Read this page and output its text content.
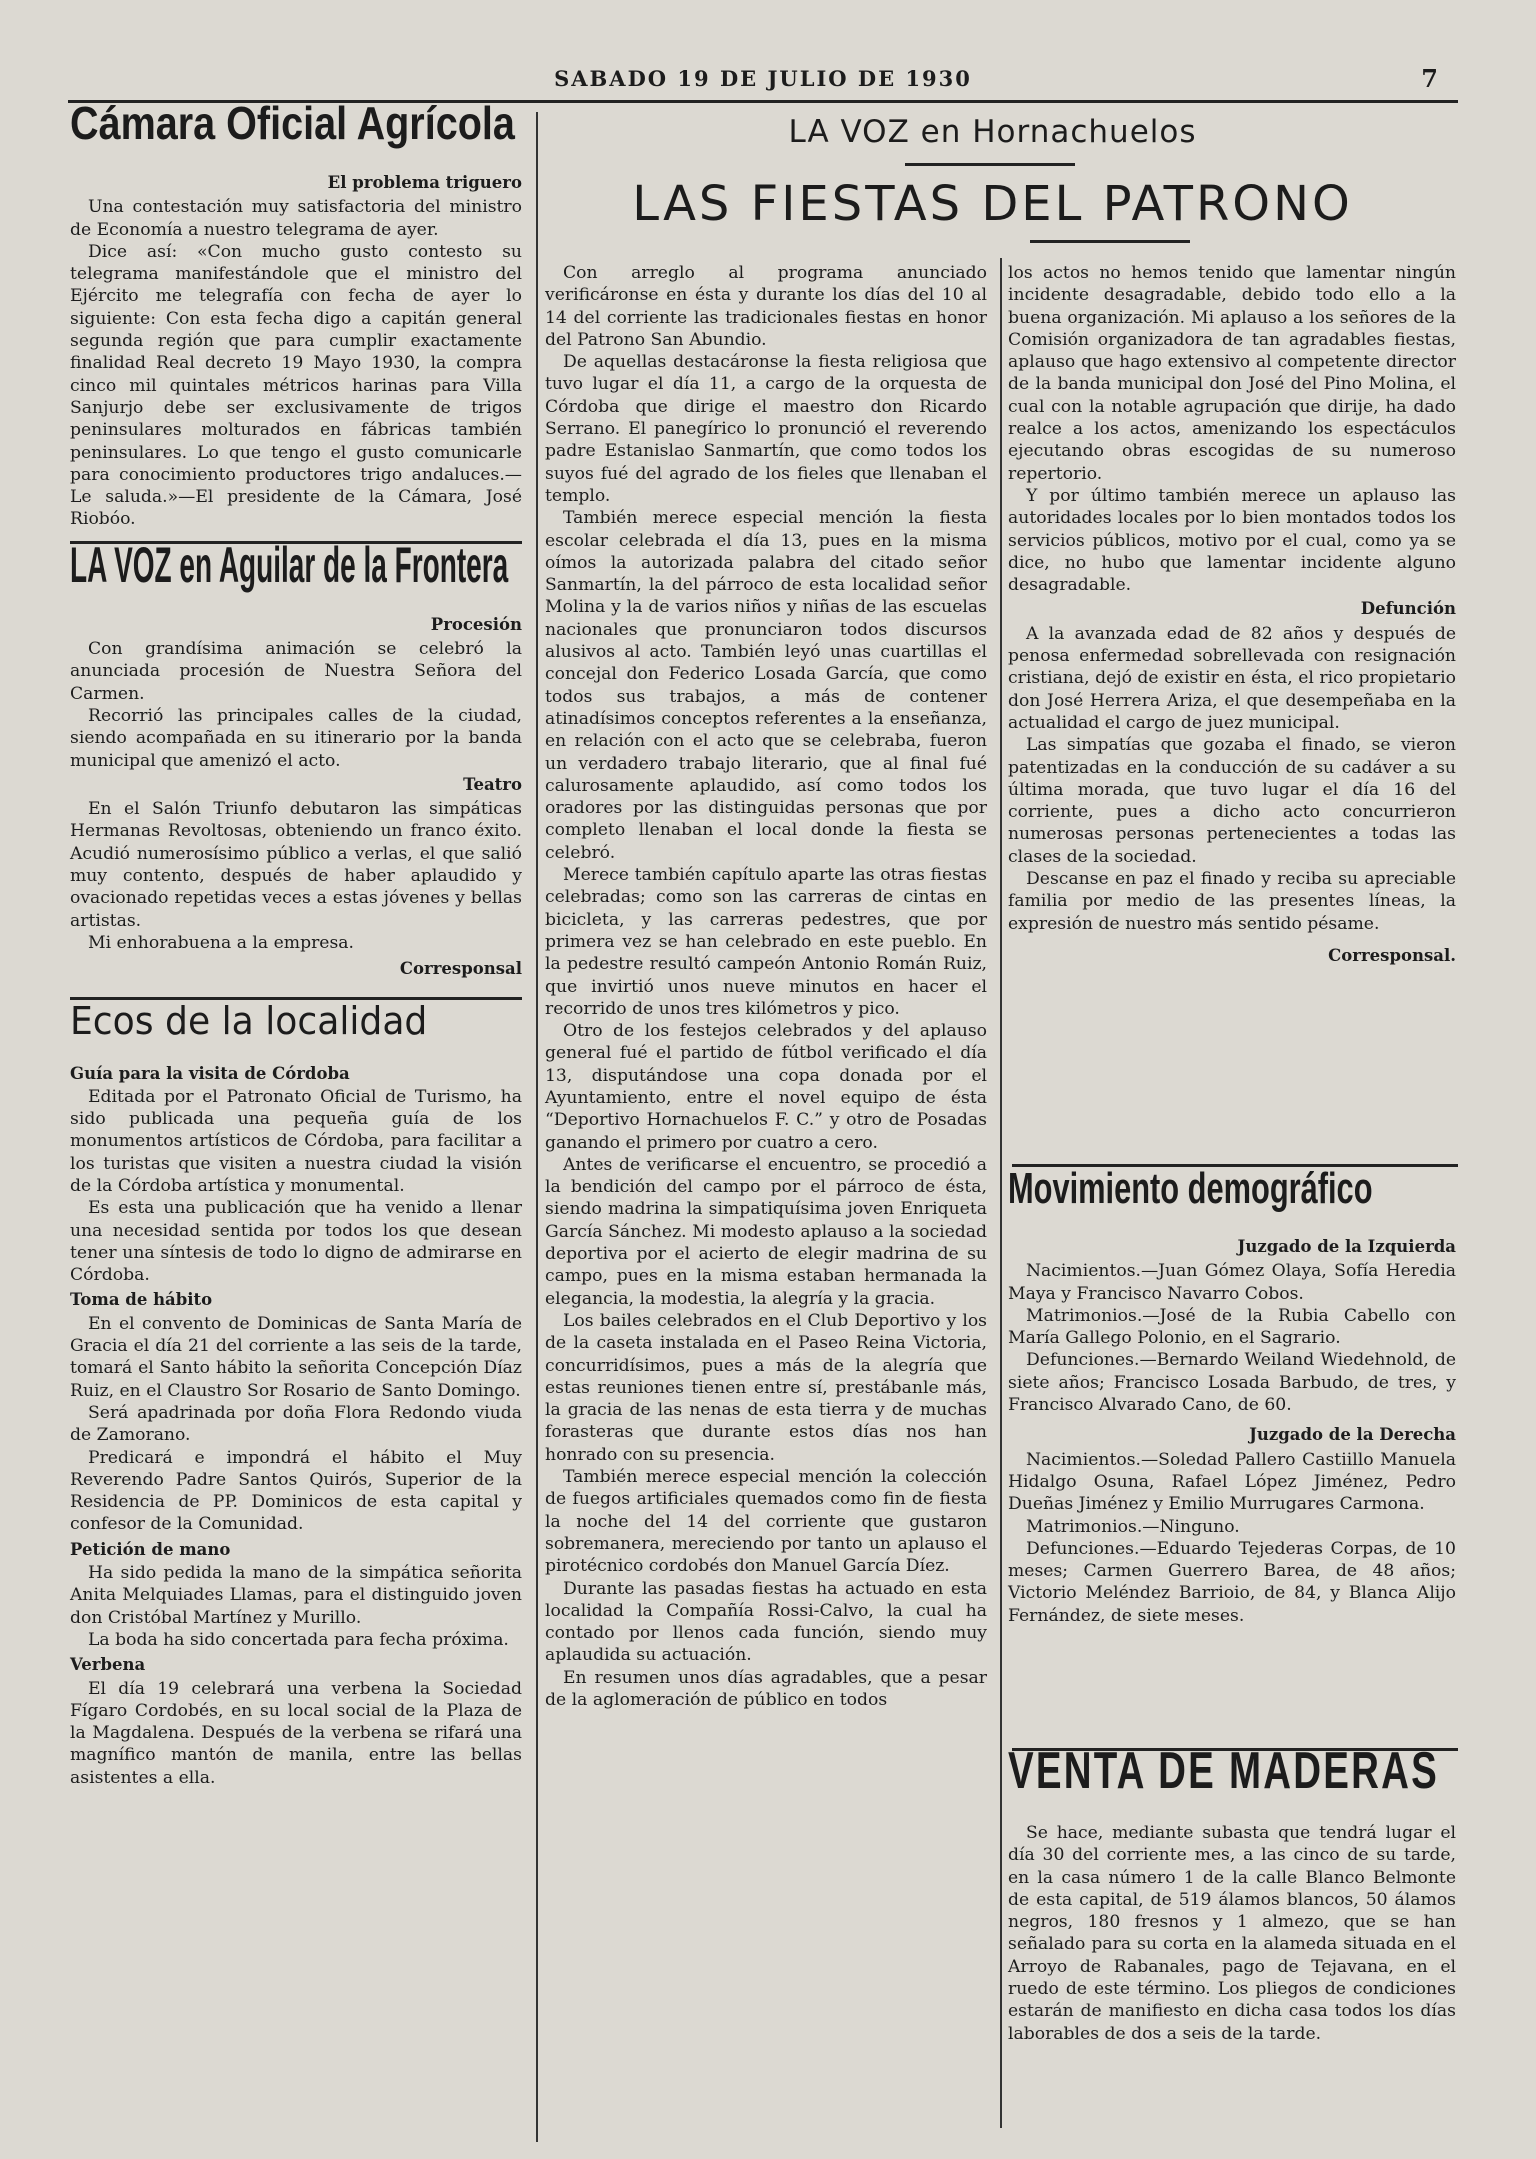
SABADO 19 DE JULIO DE 1930	7
Cámara Oficial Agrícola
El problema triguero

Una contestación muy satisfactoria del ministro de Economía a nuestro telegrama de ayer.

Dice así: «Con mucho gusto contesto su telegrama manifestándole que el ministro del Ejército me telegrafía con fecha de ayer lo siguiente: Con esta fecha digo a capitán general segunda región que para cumplir exactamente finalidad Real decreto 19 Mayo 1930, la compra cinco mil quintales métricos harinas para Villa Sanjurjo debe ser exclusivamente de trigos peninsulares molturados en fábricas también peninsulares. Lo que tengo el gusto comunicarle para conocimiento productores trigo andaluces.—Le saluda.»—El presidente de la Cámara, José Riobóo.

LA VOZ en Aguilar de la Frontera
Procesión

Con grandísima animación se celebró la anunciada procesión de Nuestra Señora del Carmen.

Recorrió las principales calles de la ciudad, siendo acompañada en su itinerario por la banda municipal que amenizó el acto.

Teatro

En el Salón Triunfo debutaron las simpáticas Hermanas Revoltosas, obteniendo un franco éxito. Acudió numerosísimo público a verlas, el que salió muy contento, después de haber aplaudido y ovacionado repetidas veces a estas jóvenes y bellas artistas.

Mi enhorabuena a la empresa.

Corresponsal
Ecos de la localidad
Guía para la visita de Córdoba

Editada por el Patronato Oficial de Turismo, ha sido publicada una pequeña guía de los monumentos artísticos de Córdoba, para facilitar a los turistas que visiten a nuestra ciudad la visión de la Córdoba artística y monumental.

Es esta una publicación que ha venido a llenar una necesidad sentida por todos los que desean tener una síntesis de todo lo digno de admirarse en Córdoba.

Toma de hábito

En el convento de Dominicas de Santa María de Gracia el día 21 del corriente a las seis de la tarde, tomará el Santo hábito la señorita Concepción Díaz Ruiz, en el Claustro Sor Rosario de Santo Domingo.

Será apadrinada por doña Flora Redondo viuda de Zamorano.

Predicará e impondrá el hábito el Muy Reverendo Padre Santos Quirós, Superior de la Residencia de PP. Dominicos de esta capital y confesor de la Comunidad.

Petición de mano

Ha sido pedida la mano de la simpática señorita Anita Melquiades Llamas, para el distinguido joven don Cristóbal Martínez y Murillo.

La boda ha sido concertada para fecha próxima.

Verbena

El día 19 celebrará una verbena la Sociedad Fígaro Cordobés, en su local social de la Plaza de la Magdalena. Después de la verbena se rifará una magnífico mantón de manila, entre las bellas asistentes a ella.

LA VOZ en Hornachuelos
LAS FIESTAS DEL PATRONO

Con arreglo al programa anunciado verificáronse en ésta y durante los días del 10 al 14 del corriente las tradicionales fiestas en honor del Patrono San Abundio.

De aquellas destacáronse la fiesta religiosa que tuvo lugar el día 11, a cargo de la orquesta de Córdoba que dirige el maestro don Ricardo Serrano. El panegírico lo pronunció el reverendo padre Estanislao Sanmartín, que como todos los suyos fué del agrado de los fieles que llenaban el templo.

También merece especial mención la fiesta escolar celebrada el día 13, pues en la misma oímos la autorizada palabra del citado señor Sanmartín, la del párroco de esta localidad señor Molina y la de varios niños y niñas de las escuelas nacionales que pronunciaron todos discursos alusivos al acto. También leyó unas cuartillas el concejal don Federico Losada García, que como todos sus trabajos, a más de contener atinadísimos conceptos referentes a la enseñanza, en relación con el acto que se celebraba, fueron un verdadero trabajo literario, que al final fué calurosamente aplaudido, así como todos los oradores por las distinguidas personas que por completo llenaban el local donde la fiesta se celebró.

Merece también capítulo aparte las otras fiestas celebradas; como son las carreras de cintas en bicicleta, y las carreras pedestres, que por primera vez se han celebrado en este pueblo. En la pedestre resultó campeón Antonio Román Ruiz, que invirtió unos nueve minutos en hacer el recorrido de unos tres kilómetros y pico.

Otro de los festejos celebrados y del aplauso general fué el partido de fútbol verificado el día 13, disputándose una copa donada por el Ayuntamiento, entre el novel equipo de ésta “Deportivo Hornachuelos F. C.” y otro de Posadas ganando el primero por cuatro a cero.

Antes de verificarse el encuentro, se procedió a la bendición del campo por el párroco de ésta, siendo madrina la simpatiquísima joven Enriqueta García Sánchez. Mi modesto aplauso a la sociedad deportiva por el acierto de elegir madrina de su campo, pues en la misma estaban hermanada la elegancia, la modestia, la alegría y la gracia.

Los bailes celebrados en el Club Deportivo y los de la caseta instalada en el Paseo Reina Victoria, concurridísimos, pues a más de la alegría que estas reuniones tienen entre sí, prestábanle más, la gracia de las nenas de esta tierra y de muchas forasteras que durante estos días nos han honrado con su presencia.

También merece especial mención la colección de fuegos artificiales quemados como fin de fiesta la noche del 14 del corriente que gustaron sobremanera, mereciendo por tanto un aplauso el pirotécnico cordobés don Manuel García Díez.

Durante las pasadas fiestas ha actuado en esta localidad la Compañía Rossi-Calvo, la cual ha contado por llenos cada función, siendo muy aplaudida su actuación.

En resumen unos días agradables, que a pesar de la aglomeración de público en todos

los actos no hemos tenido que lamentar ningún incidente desagradable, debido todo ello a la buena organización. Mi aplauso a los señores de la Comisión organizadora de tan agradables fiestas, aplauso que hago extensivo al competente director de la banda municipal don José del Pino Molina, el cual con la notable agrupación que dirije, ha dado realce a los actos, amenizando los espectáculos ejecutando obras escogidas de su numeroso repertorio.

Y por último también merece un aplauso las autoridades locales por lo bien montados todos los servicios públicos, motivo por el cual, como ya se dice, no hubo que lamentar incidente alguno desagradable.

Defunción

A la avanzada edad de 82 años y después de penosa enfermedad sobrellevada con resignación cristiana, dejó de existir en ésta, el rico propietario don José Herrera Ariza, el que desempeñaba en la actualidad el cargo de juez municipal.

Las simpatías que gozaba el finado, se vieron patentizadas en la conducción de su cadáver a su última morada, que tuvo lugar el día 16 del corriente, pues a dicho acto concurrieron numerosas personas pertenecientes a todas las clases de la sociedad.

Descanse en paz el finado y reciba su apreciable familia por medio de las presentes líneas, la expresión de nuestro más sentido pésame.

Corresponsal.
Movimiento demográfico
Juzgado de la Izquierda

Nacimientos.—Juan Gómez Olaya, Sofía Heredia Maya y Francisco Navarro Cobos.

Matrimonios.—José de la Rubia Cabello con María Gallego Polonio, en el Sagrario.

Defunciones.—Bernardo Weiland Wiedehnold, de siete años; Francisco Losada Barbudo, de tres, y Francisco Alvarado Cano, de 60.

Juzgado de la Derecha

Nacimientos.—Soledad Pallero Castiillo Manuela Hidalgo Osuna, Rafael López Jiménez, Pedro Dueñas Jiménez y Emilio Murrugares Carmona.

Matrimonios.—Ninguno.

Defunciones.—Eduardo Tejederas Corpas, de 10 meses; Carmen Guerrero Barea, de 48 años; Victorio Meléndez Barrioio, de 84, y Blanca Alijo Fernández, de siete meses.

VENTA DE MADERAS

Se hace, mediante subasta que tendrá lugar el día 30 del corriente mes, a las cinco de su tarde, en la casa número 1 de la calle Blanco Belmonte de esta capital, de 519 álamos blancos, 50 álamos negros, 180 fresnos y 1 almezo, que se han señalado para su corta en la alameda situada en el Arroyo de Rabanales, pago de Tejavana, en el ruedo de este término. Los pliegos de condiciones estarán de manifiesto en dicha casa todos los días laborables de dos a seis de la tarde.
